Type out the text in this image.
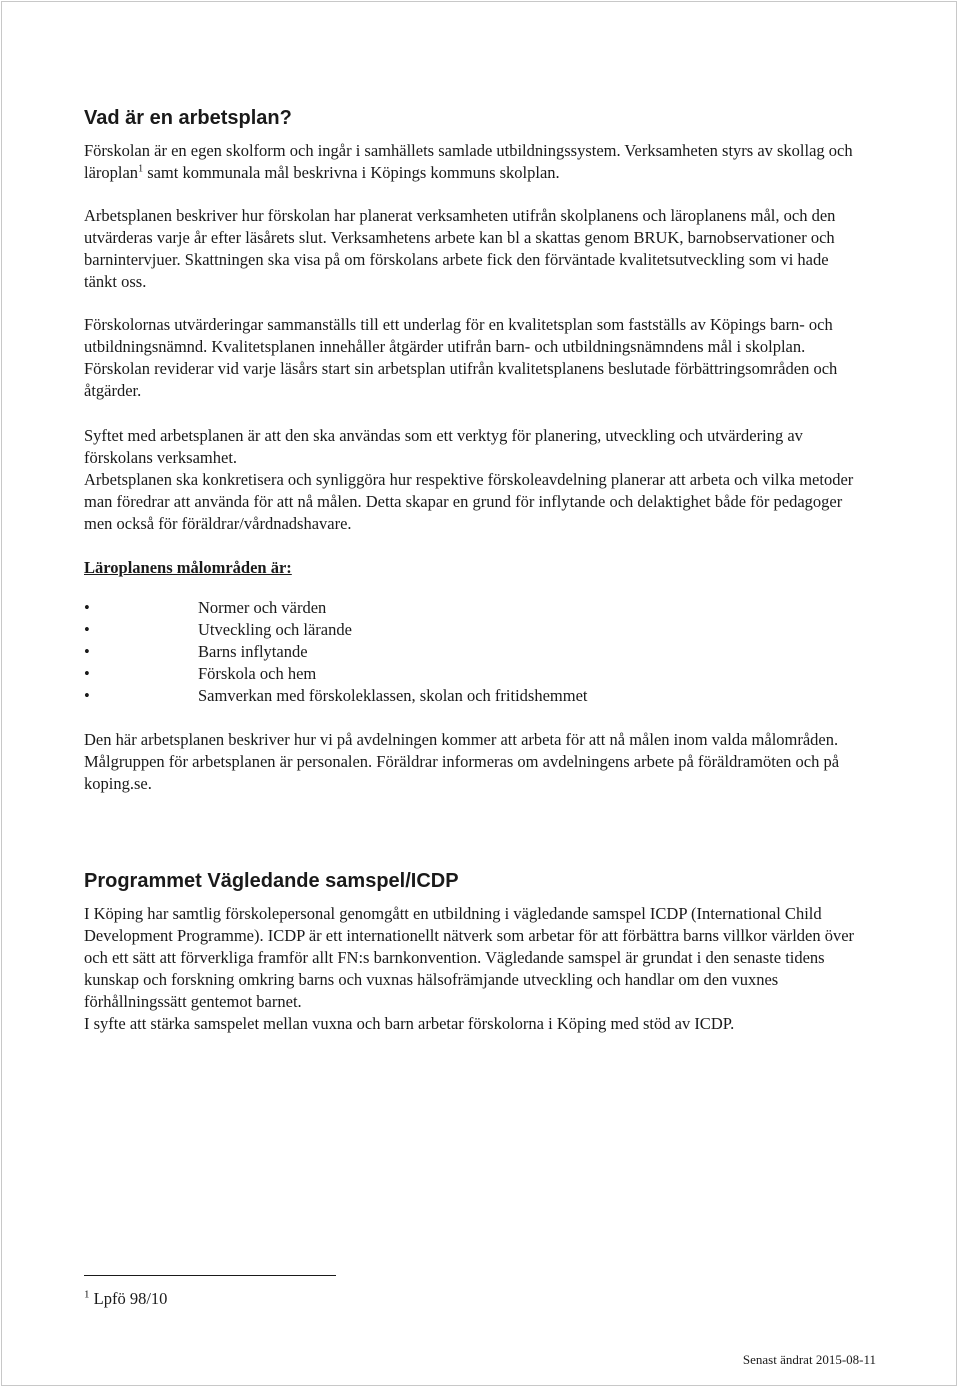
Vad är en arbetsplan?

Förskolan är en egen skolform och ingår i samhällets samlade utbildningssystem. Verksamheten styrs av skollag och läroplan$^1$ samt kommunala mål beskrivna i Köpings kommuns skolplan.

Arbetsplanen beskriver hur förskolan har planerat verksamheten utifrån skolplanens och läroplanens mål, och den utvärderas varje år efter läsårets slut. Verksamhetens arbete kan bl a skattas genom BRUK, barnobservationer och barnintervjuer. Skattningen ska visa på om förskolans arbete fick den förväntade kvalitetsutveckling som vi hade tänkt oss.

Förskolornas utvärderingar sammanställs till ett underlag för en kvalitetsplan som fastställs av Köpings barn- och utbildningsnämnd. Kvalitetsplanen innehåller åtgärder utifrån barn- och utbildningsnämndens mål i skolplan.

Förskolan reviderar vid varje läsårs start sin arbetsplan utifrån kvalitetsplanens beslutade förbättringsområden och åtgärder.

Syftet med arbetsplanen är att den ska användas som ett verktyg för planering, utveckling och utvärdering av förskolans verksamhet.

Arbetsplanen ska konkretisera och synliggöra hur respektive förskoleavdelning planerar att arbeta och vilka metoder man föredrar att använda för att nå målen. Detta skapar en grund för inflytande och delaktighet både för pedagoger men också för föräldrar/vårdnadshavare.

Läroplanens målområden är:

•	Normer och värden
•	Utveckling och lärande
•	Barns inflytande
•	Förskola och hem
•	Samverkan med förskoleklassen, skolan och fritidshemmet

Den här arbetsplanen beskriver hur vi på avdelningen kommer att arbeta för att nå målen inom valda målområden. Målgruppen för arbetsplanen är personalen. Föräldrar informeras om avdelningens arbete på föräldramöten och på koping.se.

Programmet Vägledande samspel/ICDP

I Köping har samtlig förskolepersonal genomgått en utbildning i vägledande samspel ICDP (International Child Development Programme). ICDP är ett internationellt nätverk som arbetar för att förbättra barns villkor världen över och ett sätt att förverkliga framför allt FN:s barnkonvention. Vägledande samspel är grundat i den senaste tidens kunskap och forskning omkring barns och vuxnas hälsofrämjande utveckling och handlar om den vuxnes förhållningssätt gentemot barnet.

I syfte att stärka samspelet mellan vuxna och barn arbetar förskolorna i Köping med stöd av ICDP.

$^1$ Lpfö 98/10
Senast ändrat 2015-08-11
